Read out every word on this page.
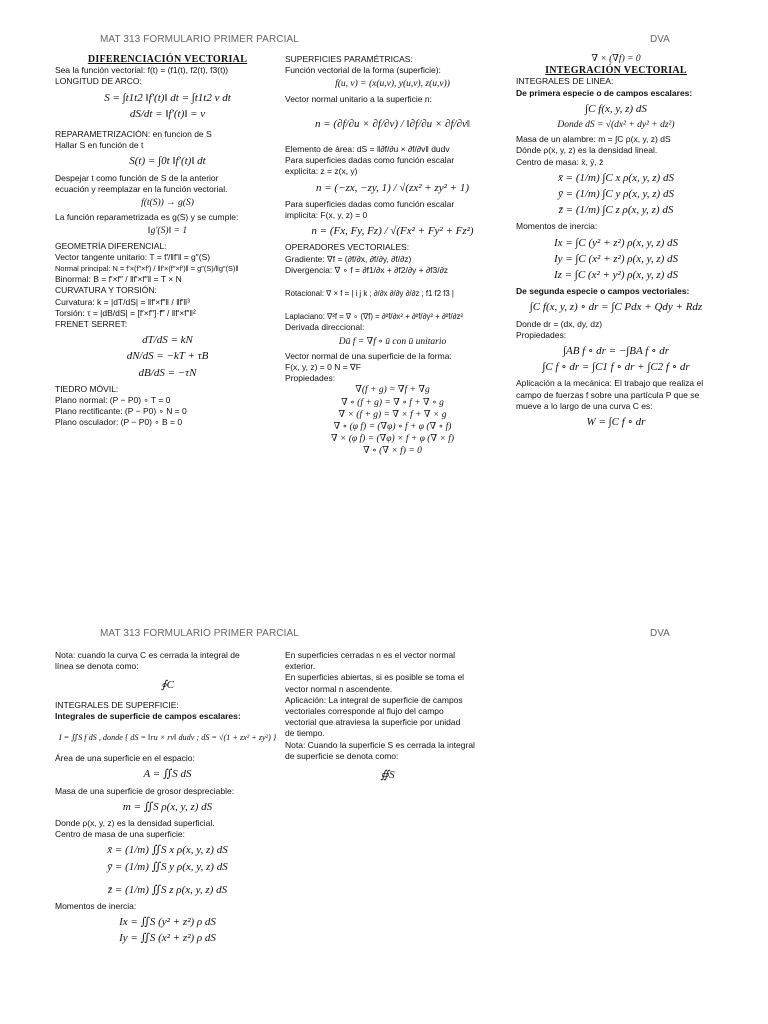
MAT 313 FORMULARIO PRIMER PARCIAL	DVA
DIFERENCIACIÓN VECTORIAL
Sea la función vectorial: f(t) = (f1(t), f2(t), f3(t))
LONGITUD DE ARCO:
S = ∫t1t2 ‖f′(t)‖ dt = ∫t1t2 v dt
dS/dt = ‖f′(t)‖ = v
REPARAMETRIZACIÓN: en funcion de S
Hallar S en función de t
S(t) = ∫0t ‖f′(t)‖ dt
Despejar t como función de S de la anterior
ecuación y reemplazar en la función vectorial.
f(t(S)) → g(S)
La función reparametrizada es g(S) y se cumple:
‖g′(S)‖ = 1
GEOMETRÍA DIFERENCIAL:
Vector tangente unitario: T = f′/‖f′‖ = g″(S)
Normal principal: N = f′×(f″×f′) / ‖f′×(f″×f′)‖ = g″(S)/‖g″(S)‖
Binormal: B = f′×f″ / ‖f′×f″‖ = T × N
CURVATURA Y TORSIÓN:
Curvatura: k = |dT/dS| = ‖f′×f″‖ / ‖f′‖³
Torsión: τ = |dB/dS| = [f′×f″]·f‴ / ‖f′×f″‖²
FRENET SERRET:
dT/dS = kN
dN/dS = −kT + τB
dB/dS = −τN
TIEDRO MÓVIL:
Plano normal: (P − P0) ∘ T = 0
Plano rectificante: (P − P0) ∘ N = 0
Plano osculador: (P − P0) ∘ B = 0
SUPERFICIES PARAMÉTRICAS:
Función vectorial de la forma (superficie):
f(u, v) = (x(u,v), y(u,v), z(u,v))
Vector normal unitario a la superficie n:
n = (∂f/∂u × ∂f/∂v) / ‖∂f/∂u × ∂f/∂v‖
Elemento de área: dS = ‖∂f/∂u × ∂f/∂v‖ dudv
Para superficies dadas como función escalar
explicita: z = z(x, y)
n = (−zx, −zy, 1) / √(zx² + zy² + 1)
Para superficies dadas como función escalar
implicita: F(x, y, z) = 0
n = (Fx, Fy, Fz) / √(Fx² + Fy² + Fz²)
OPERADORES VECTORIALES:
Gradiente: ∇f = (∂f/∂x, ∂f/∂y, ∂f/∂z)
Divergencia: ∇ ∘ f = ∂f1/∂x + ∂f2/∂y + ∂f3/∂z
Rotacional: ∇ × f = | i j k ; ∂/∂x ∂/∂y ∂/∂z ; f1 f2 f3 |
Laplaciano: ∇²f = ∇ ∘ (∇f) = ∂²f/∂x² + ∂²f/∂y² + ∂²f/∂z²
Derivada direccional:
Dū f = ∇f ∘ ū con ū unitario
Vector normal de una superficie de la forma:
F(x, y, z) = 0 N = ∇F
Propiedades:
∇(f + g) = ∇f + ∇g
∇ ∘ (f + g) = ∇ ∘ f + ∇ ∘ g
∇ × (f + g) = ∇ × f + ∇ × g
∇ ∘ (φ f) = (∇φ) ∘ f + φ (∇ ∘ f)
∇ × (φ f) = (∇φ) × f + φ (∇ × f)
∇ ∘ (∇ × f) = 0
∇ × (∇f) = 0
INTEGRACIÓN VECTORIAL
INTEGRALES DE LINEA:
De primera especie o de campos escalares:
∫C f(x, y, z) dS
Donde dS = √(dx² + dy² + dz²)
Masa de un alambre: m = ∫C ρ(x, y, z) dS
Dónde ρ(x, y, z) es la densidad lineal.
Centro de masa: x̄, ȳ, z̄
x̄ = (1/m) ∫C x ρ(x, y, z) dS
ȳ = (1/m) ∫C y ρ(x, y, z) dS
z̄ = (1/m) ∫C z ρ(x, y, z) dS
Momentos de inercia:
Ix = ∫C (y² + z²) ρ(x, y, z) dS
Iy = ∫C (x² + z²) ρ(x, y, z) dS
Iz = ∫C (x² + y²) ρ(x, y, z) dS
De segunda especie o campos vectoriales:
∫C f(x, y, z) ∘ dr = ∫C Pdx + Qdy + Rdz
Donde dr = (dx, dy, dz)
Propiedades:
∫AB f ∘ dr = −∫BA f ∘ dr
∫C f ∘ dr = ∫C1 f ∘ dr + ∫C2 f ∘ dr
Aplicación a la mecánica: El trabajo que realiza el
campo de fuerzas f sobre una partícula P que se
mueve a lo largo de una curva C es:
W = ∫C f ∘ dr
MAT 313 FORMULARIO PRIMER PARCIAL	DVA
Nota: cuando la curva C es cerrada la integral de
línea se denota como:
∮C
INTEGRALES DE SUPERFICIE:
Integrales de superficie de campos escalares:
I = ∬S f dS , donde { dS = ‖ru × rv‖ dudv ; dS = √(1 + zx² + zy²) }
Área de una superficie en el espacio:
A = ∬S dS
Masa de una superficie de grosor despreciable:
m = ∬S ρ(x, y, z) dS
Donde ρ(x, y, z) es la densidad superficial.
Centro de masa de una superficie:
x̄ = (1/m) ∬S x ρ(x, y, z) dS
ȳ = (1/m) ∬S y ρ(x, y, z) dS
z̄ = (1/m) ∬S z ρ(x, y, z) dS
Momentos de inercia:
Ix = ∬S (y² + z²) ρ dS
Iy = ∬S (x² + z²) ρ dS
En superficies cerradas n es el vector normal
exterior.
En superficies abiertas, si es posible se toma el
vector normal n ascendente.
Aplicación: La integral de superficie de campos
vectoriales corresponde al flujo del campo
vectorial que atraviesa la superficie por unidad
de tiempo.
Nota: Cuando la superficie S es cerrada la integral
de superficie se denota como:
∯S
